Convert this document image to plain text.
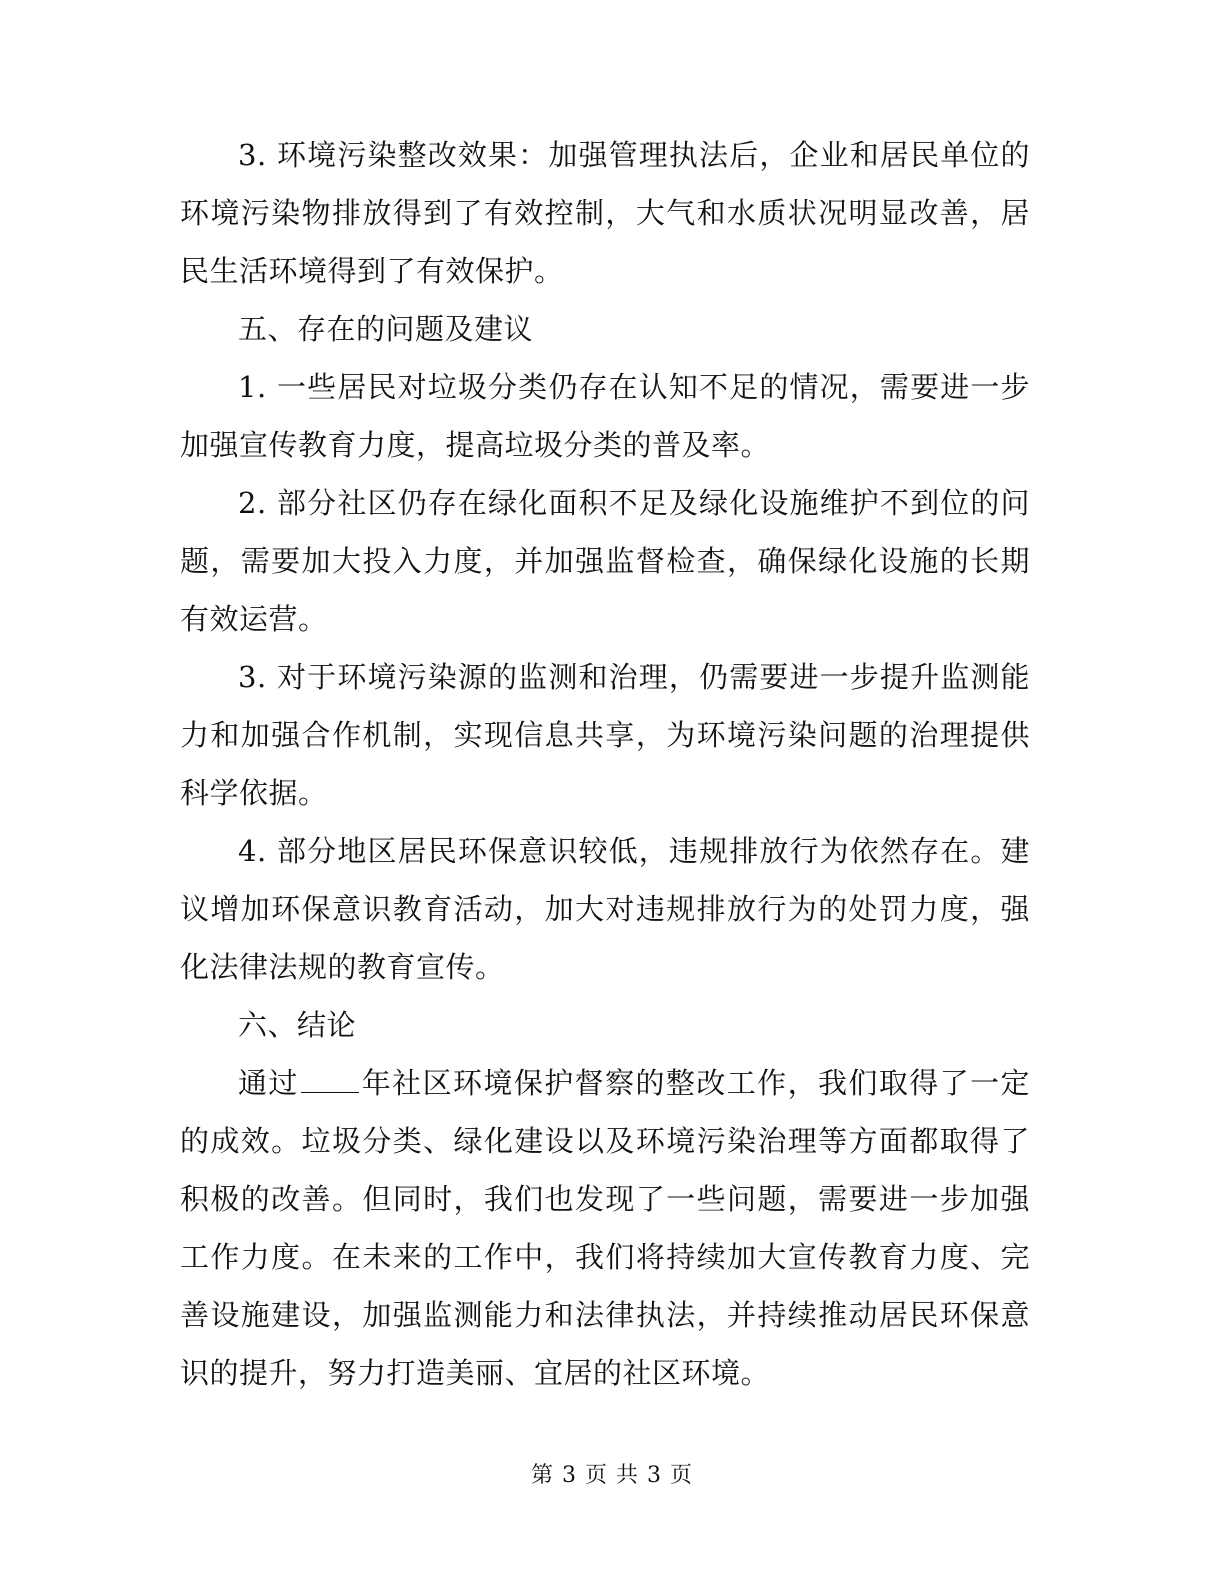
3. 环境污染整改效果：加强管理执法后，企业和居民单位的环境污染物排放得到了有效控制，大气和水质状况明显改善，居民生活环境得到了有效保护。

五、存在的问题及建议

1. 一些居民对垃圾分类仍存在认知不足的情况，需要进一步加强宣传教育力度，提高垃圾分类的普及率。

2. 部分社区仍存在绿化面积不足及绿化设施维护不到位的问题，需要加大投入力度，并加强监督检查，确保绿化设施的长期有效运营。

3. 对于环境污染源的监测和治理，仍需要进一步提升监测能力和加强合作机制，实现信息共享，为环境污染问题的治理提供科学依据。

4. 部分地区居民环保意识较低，违规排放行为依然存在。建议增加环保意识教育活动，加大对违规排放行为的处罚力度，强化法律法规的教育宣传。

六、结论

通过 年社区环境保护督察的整改工作，我们取得了一定的成效。垃圾分类、绿化建设以及环境污染治理等方面都取得了积极的改善。但同时，我们也发现了一些问题，需要进一步加强工作力度。在未来的工作中，我们将持续加大宣传教育力度、完善设施建设，加强监测能力和法律执法，并持续推动居民环保意识的提升，努力打造美丽、宜居的社区环境。

第 3 页 共 3 页
